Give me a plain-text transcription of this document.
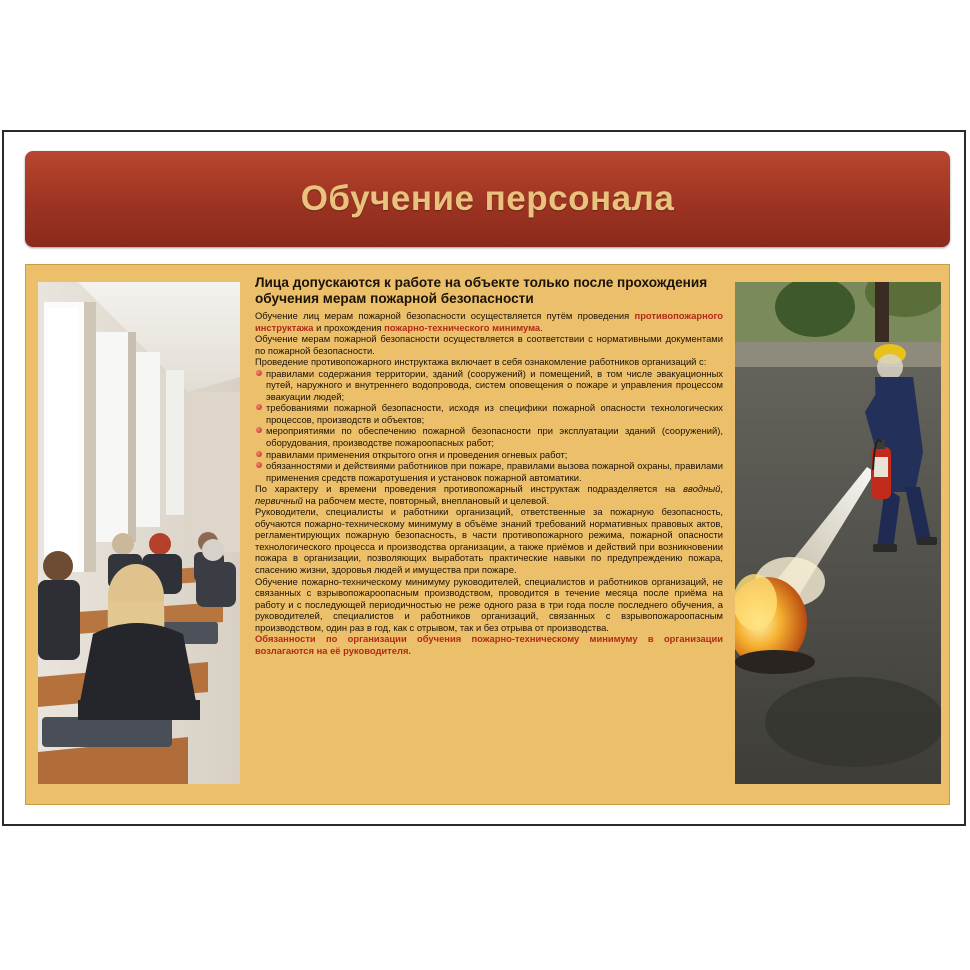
Обучение персонала
Лица допускаются к работе на объекте только после прохождения обучения мерам пожарной безопасности

Обучение лиц мерам пожарной безопасности осуществляется путём проведения противопожарного инструктажа и прохождения пожарно-технического минимума.

Обучение мерам пожарной безопасности осуществляется в соответствии с нормативными документами по пожарной безопасности.

Проведение противопожарного инструктажа включает в себя ознакомление работников организаций с:

правилами содержания территории, зданий (сооружений) и помещений, в том числе эвакуационных путей, наружного и внутреннего водопровода, систем оповещения о пожаре и управления процессом эвакуации людей;
требованиями пожарной безопасности, исходя из специфики пожарной опасности технологических процессов, производств и объектов;
мероприятиями по обеспечению пожарной безопасности при эксплуатации зданий (сооружений), оборудования, производстве пожароопасных работ;
правилами применения открытого огня и проведения огневых работ;
обязанностями и действиями работников при пожаре, правилами вызова пожарной охраны, правилами применения средств пожаротушения и установок пожарной автоматики.

По характеру и времени проведения противопожарный инструктаж подразделяется на вводный, первичный на рабочем месте, повторный, внеплановый и целевой.

Руководители, специалисты и работники организаций, ответственные за пожарную безопасность, обучаются пожарно-техническому минимуму в объёме знаний требований нормативных правовых актов, регламентирующих пожарную безопасность, в части противопожарного режима, пожарной опасности технологического процесса и производства организации, а также приёмов и действий при возникновении пожара в организации, позволяющих выработать практические навыки по предупреждению пожара, спасению жизни, здоровья людей и имущества при пожаре.

Обучение пожарно-техническому минимуму руководителей, специалистов и работников организаций, не связанных с взрывопожароопасным производством, проводится в течение месяца после приёма на работу и с последующей периодичностью не реже одного раза в три года после последнего обучения, а руководителей, специалистов и работников организаций, связанных с взрывопожароопасным производством, один раз в год, как с отрывом, так и без отрыва от производства.

Обязанности по организации обучения пожарно-техническому минимуму в организации возлагаются на её руководителя.
